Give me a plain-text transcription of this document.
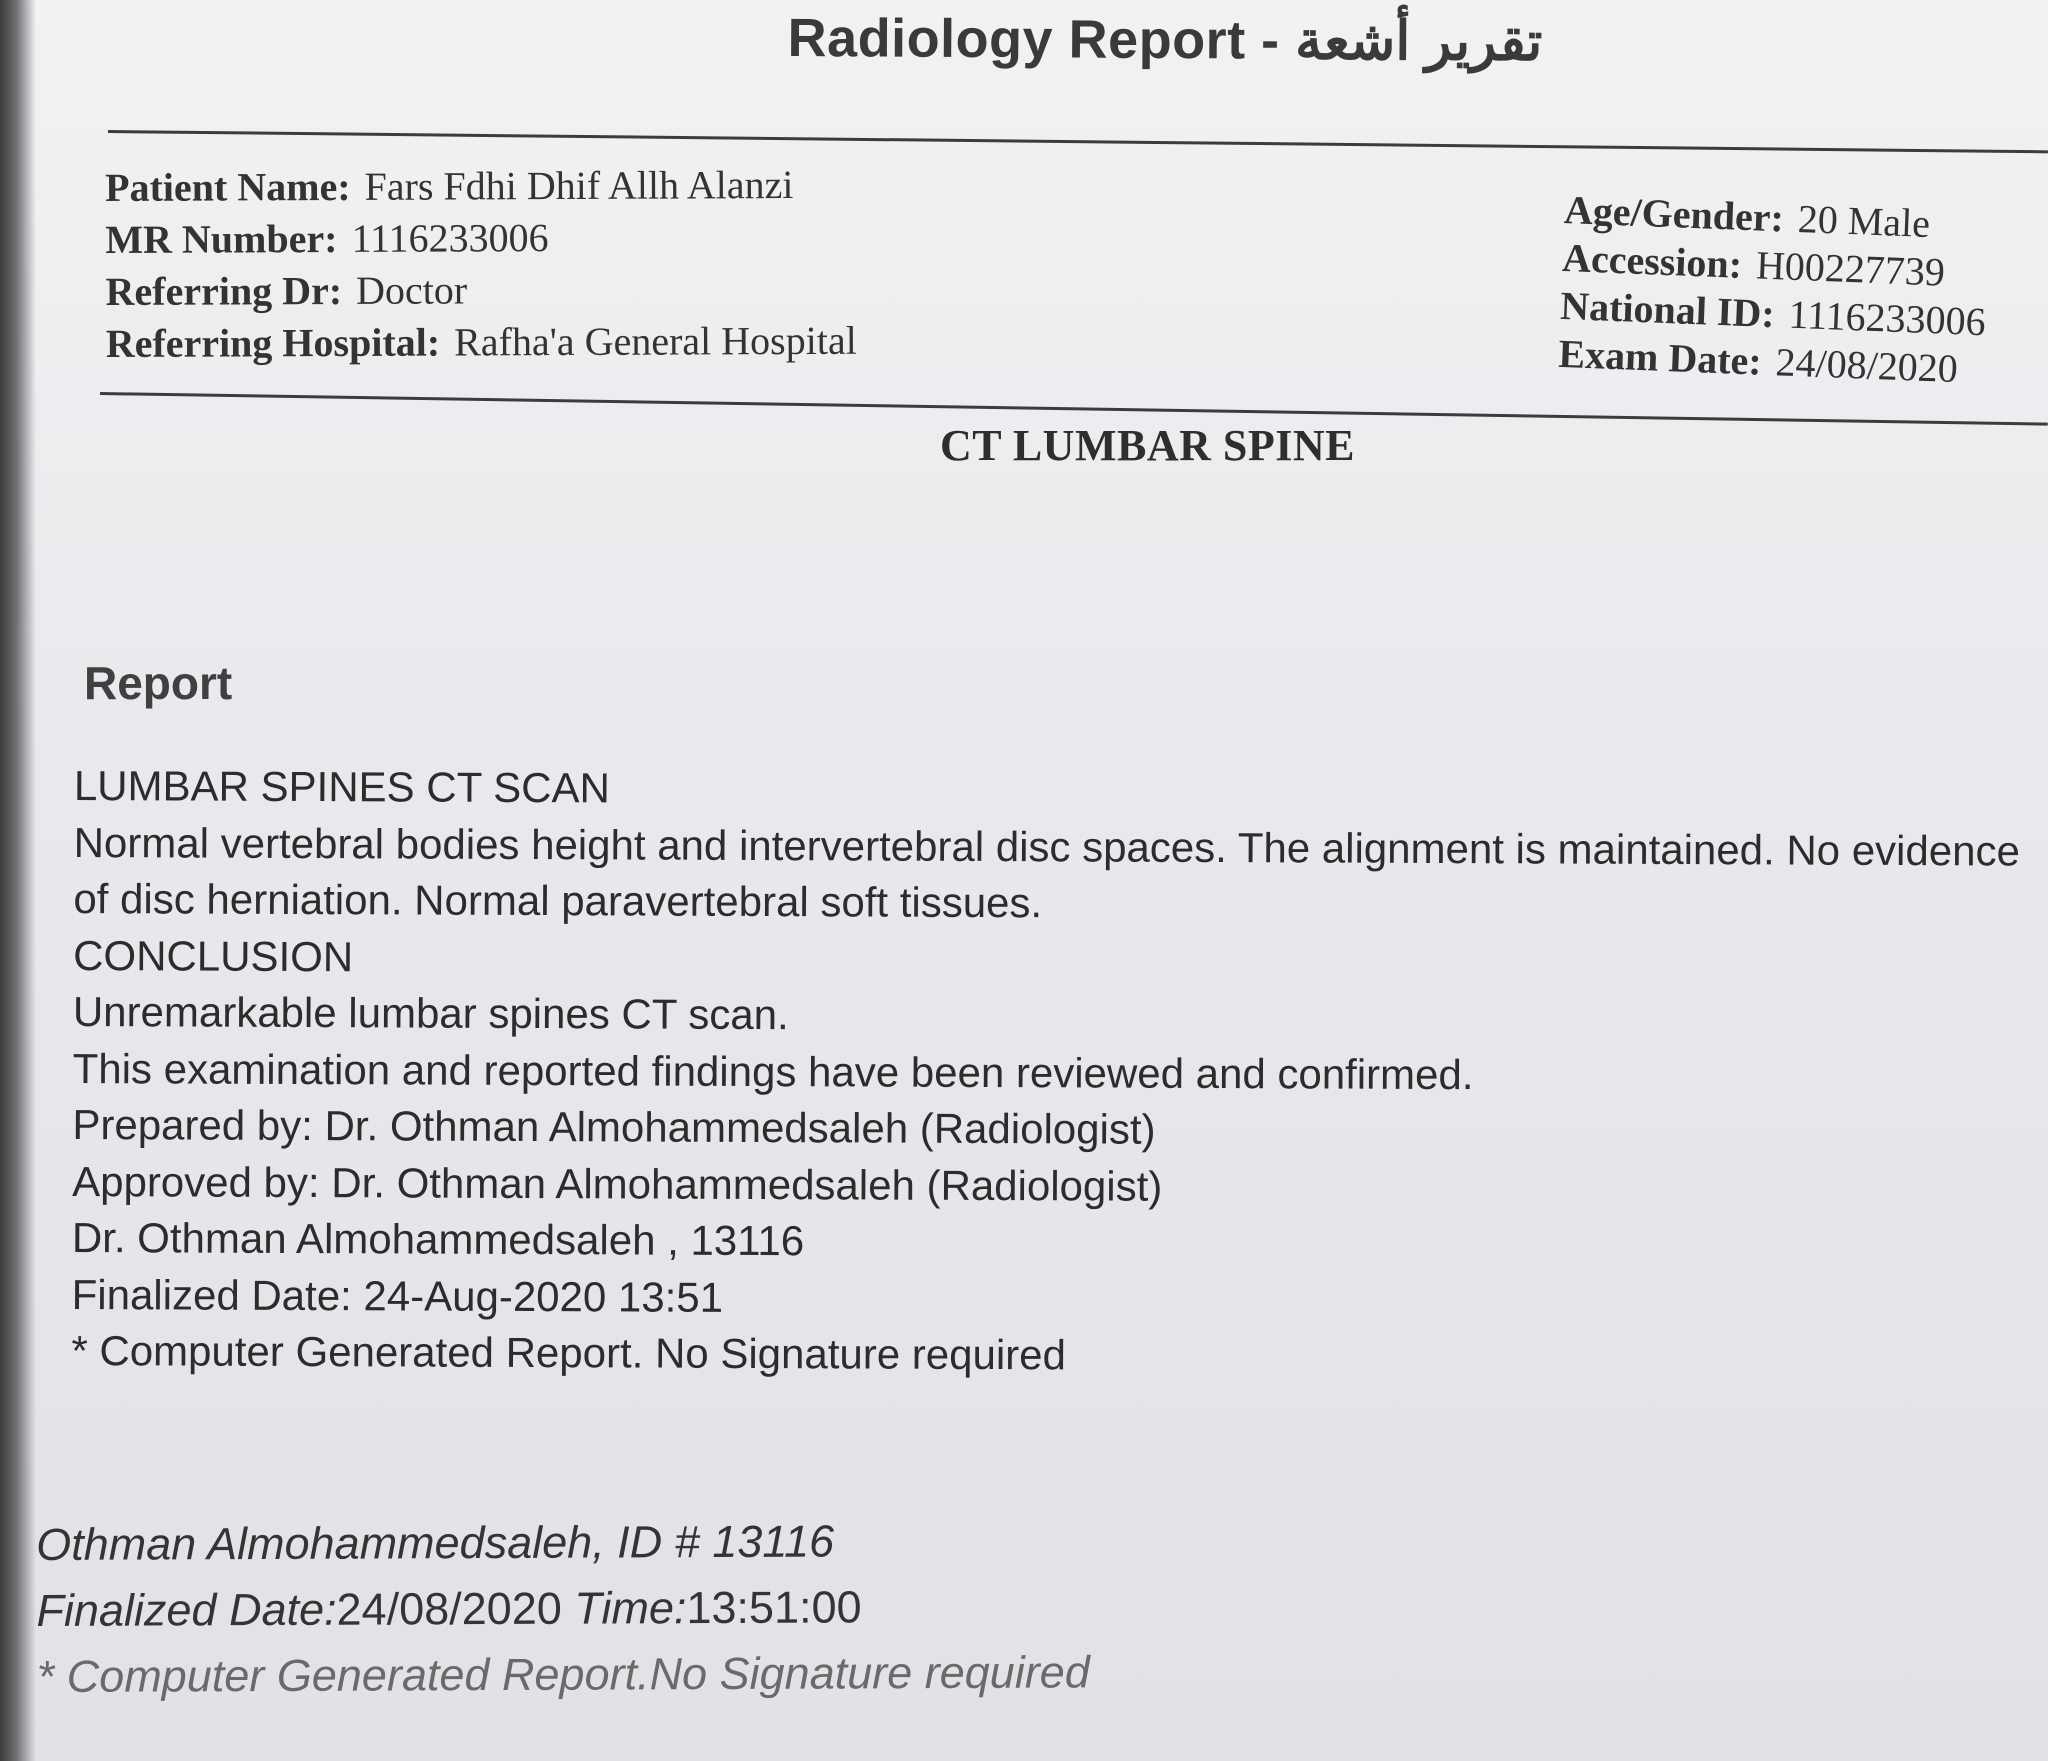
Radiology Report - تقرير أشعة
Patient Name: Fars Fdhi Dhif Allh Alanzi
MR Number: 1116233006
Referring Dr: Doctor
Referring Hospital: Rafha'a General Hospital
Age/Gender: 20 Male
Accession: H00227739
National ID: 1116233006
Exam Date: 24/08/2020
CT LUMBAR SPINE
Report

LUMBAR SPINES CT SCAN

Normal vertebral bodies height and intervertebral disc spaces. The alignment is maintained. No evidence of disc herniation. Normal paravertebral soft tissues.

CONCLUSION

Unremarkable lumbar spines CT scan.

This examination and reported findings have been reviewed and confirmed.

Prepared by: Dr. Othman Almohammedsaleh (Radiologist)

Approved by: Dr. Othman Almohammedsaleh (Radiologist)

Dr. Othman Almohammedsaleh , 13116

Finalized Date: 24-Aug-2020 13:51

* Computer Generated Report. No Signature required

Othman Almohammedsaleh, ID # 13116
Finalized Date:24/08/2020 Time:13:51:00
* Computer Generated Report.No Signature required
